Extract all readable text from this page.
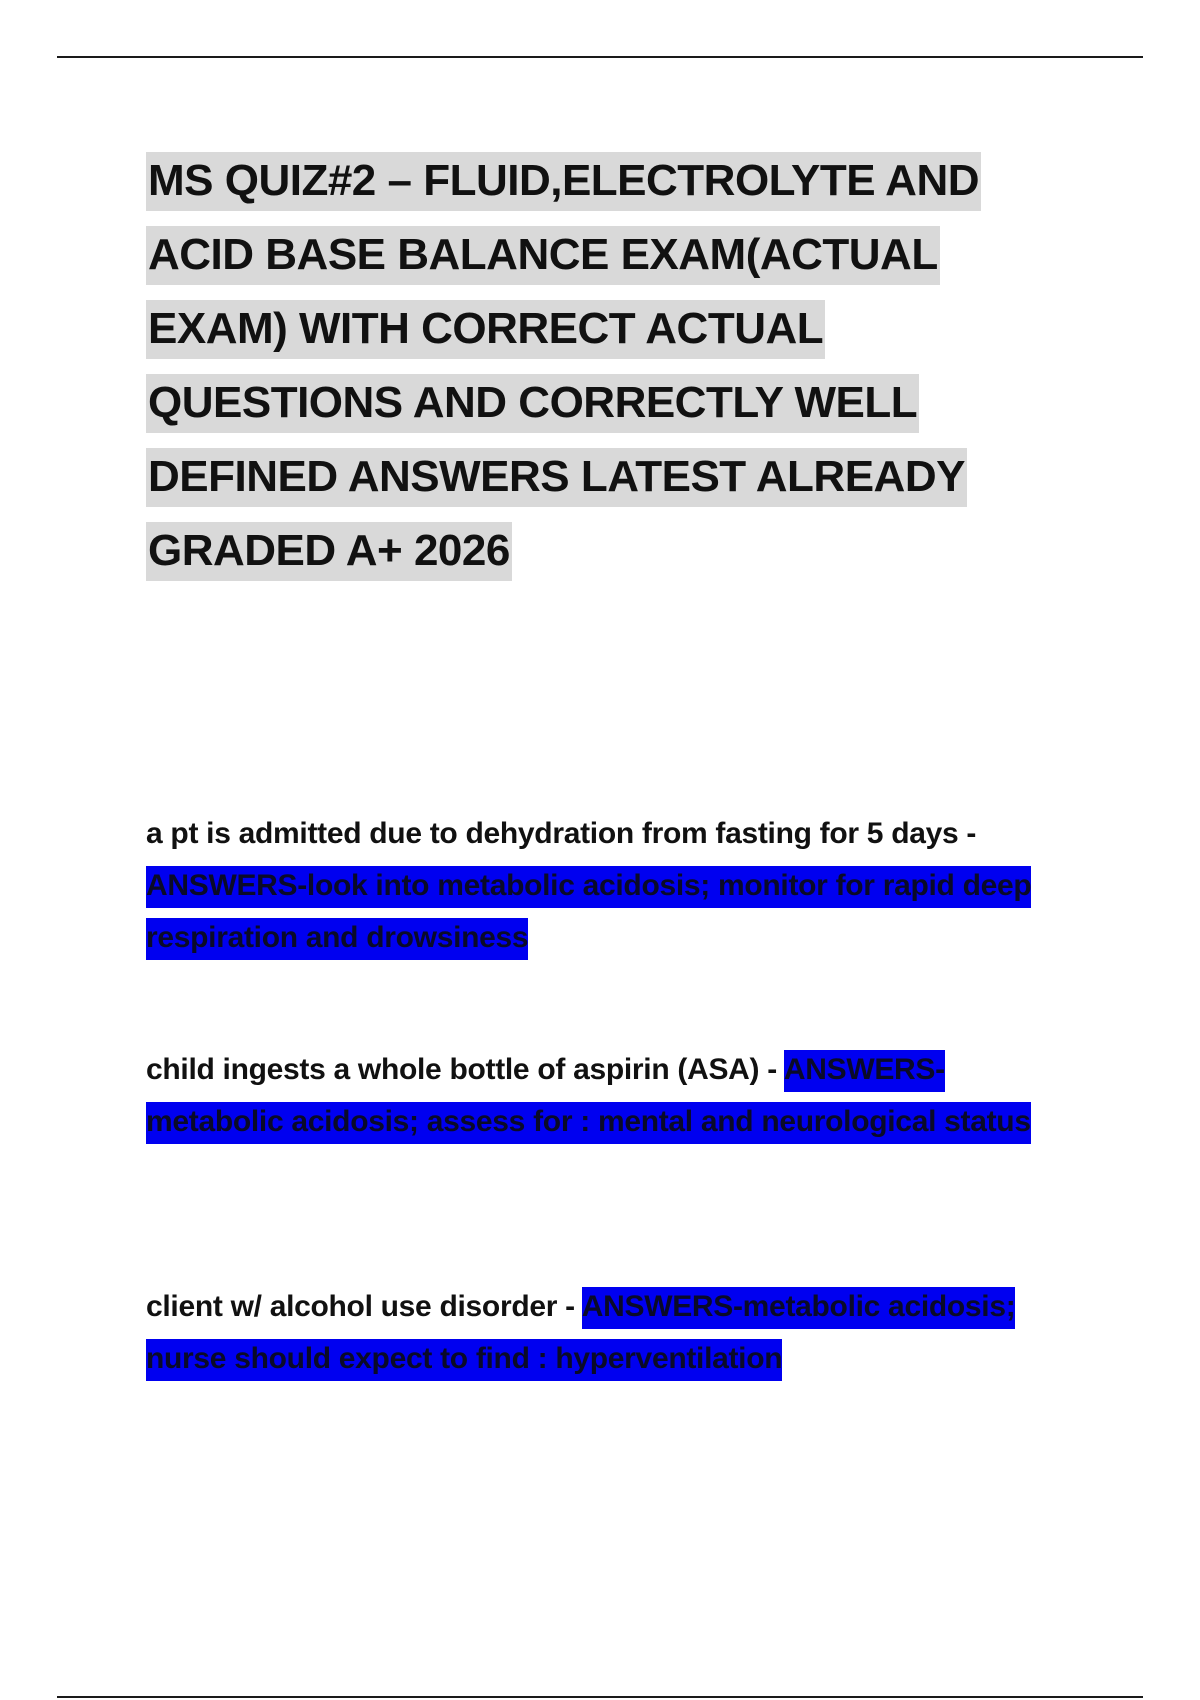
MS QUIZ#2 – FLUID,ELECTROLYTE AND ACID BASE BALANCE EXAM(ACTUAL EXAM) WITH CORRECT ACTUAL QUESTIONS AND CORRECTLY WELL DEFINED ANSWERS LATEST ALREADY GRADED A+ 2026

a pt is admitted due to dehydration from fasting for 5 days - ANSWERS-look into metabolic acidosis; monitor for rapid deep respiration and drowsiness

child ingests a whole bottle of aspirin (ASA) - ANSWERS-metabolic acidosis; assess for : mental and neurological status

client w/ alcohol use disorder - ANSWERS-metabolic acidosis; nurse should expect to find : hyperventilation
